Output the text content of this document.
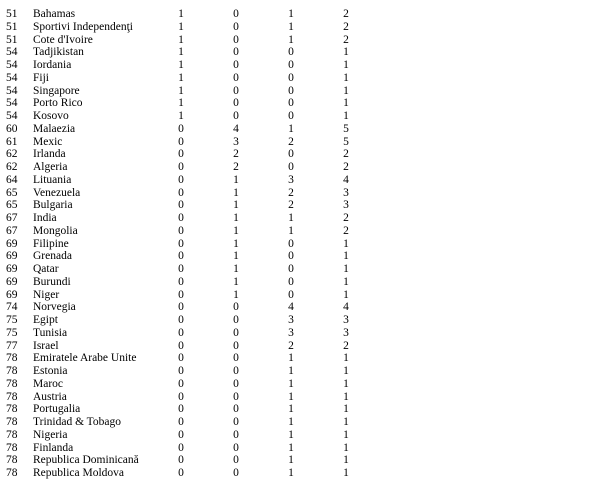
51 Bahamas	1	0	1	2
51 Sportivi Independenţi	1	0	1	2
51 Cote d'Ivoire	1	0	1	2
54 Tadjikistan	1	0	0	1
54 Iordania	1	0	0	1
54 Fiji	1	0	0	1
54 Singapore	1	0	0	1
54 Porto Rico	1	0	0	1
54 Kosovo	1	0	0	1
60 Malaezia	0	4	1	5
61 Mexic	0	3	2	5
62 Irlanda	0	2	0	2
62 Algeria	0	2	0	2
64 Lituania	0	1	3	4
65 Venezuela	0	1	2	3
65 Bulgaria	0	1	2	3
67 India	0	1	1	2
67 Mongolia	0	1	1	2
69 Filipine	0	1	0	1
69 Grenada	0	1	0	1
69 Qatar	0	1	0	1
69 Burundi	0	1	0	1
69 Niger	0	1	0	1
74 Norvegia	0	0	4	4
75 Egipt	0	0	3	3
75 Tunisia	0	0	3	3
77 Israel	0	0	2	2
78 Emiratele Arabe Unite	0	0	1	1
78 Estonia	0	0	1	1
78 Maroc	0	0	1	1
78 Austria	0	0	1	1
78 Portugalia	0	0	1	1
78 Trinidad & Tobago	0	0	1	1
78 Nigeria	0	0	1	1
78 Finlanda	0	0	1	1
78 Republica Dominicană	0	0	1	1
78 Republica Moldova	0	0	1	1
